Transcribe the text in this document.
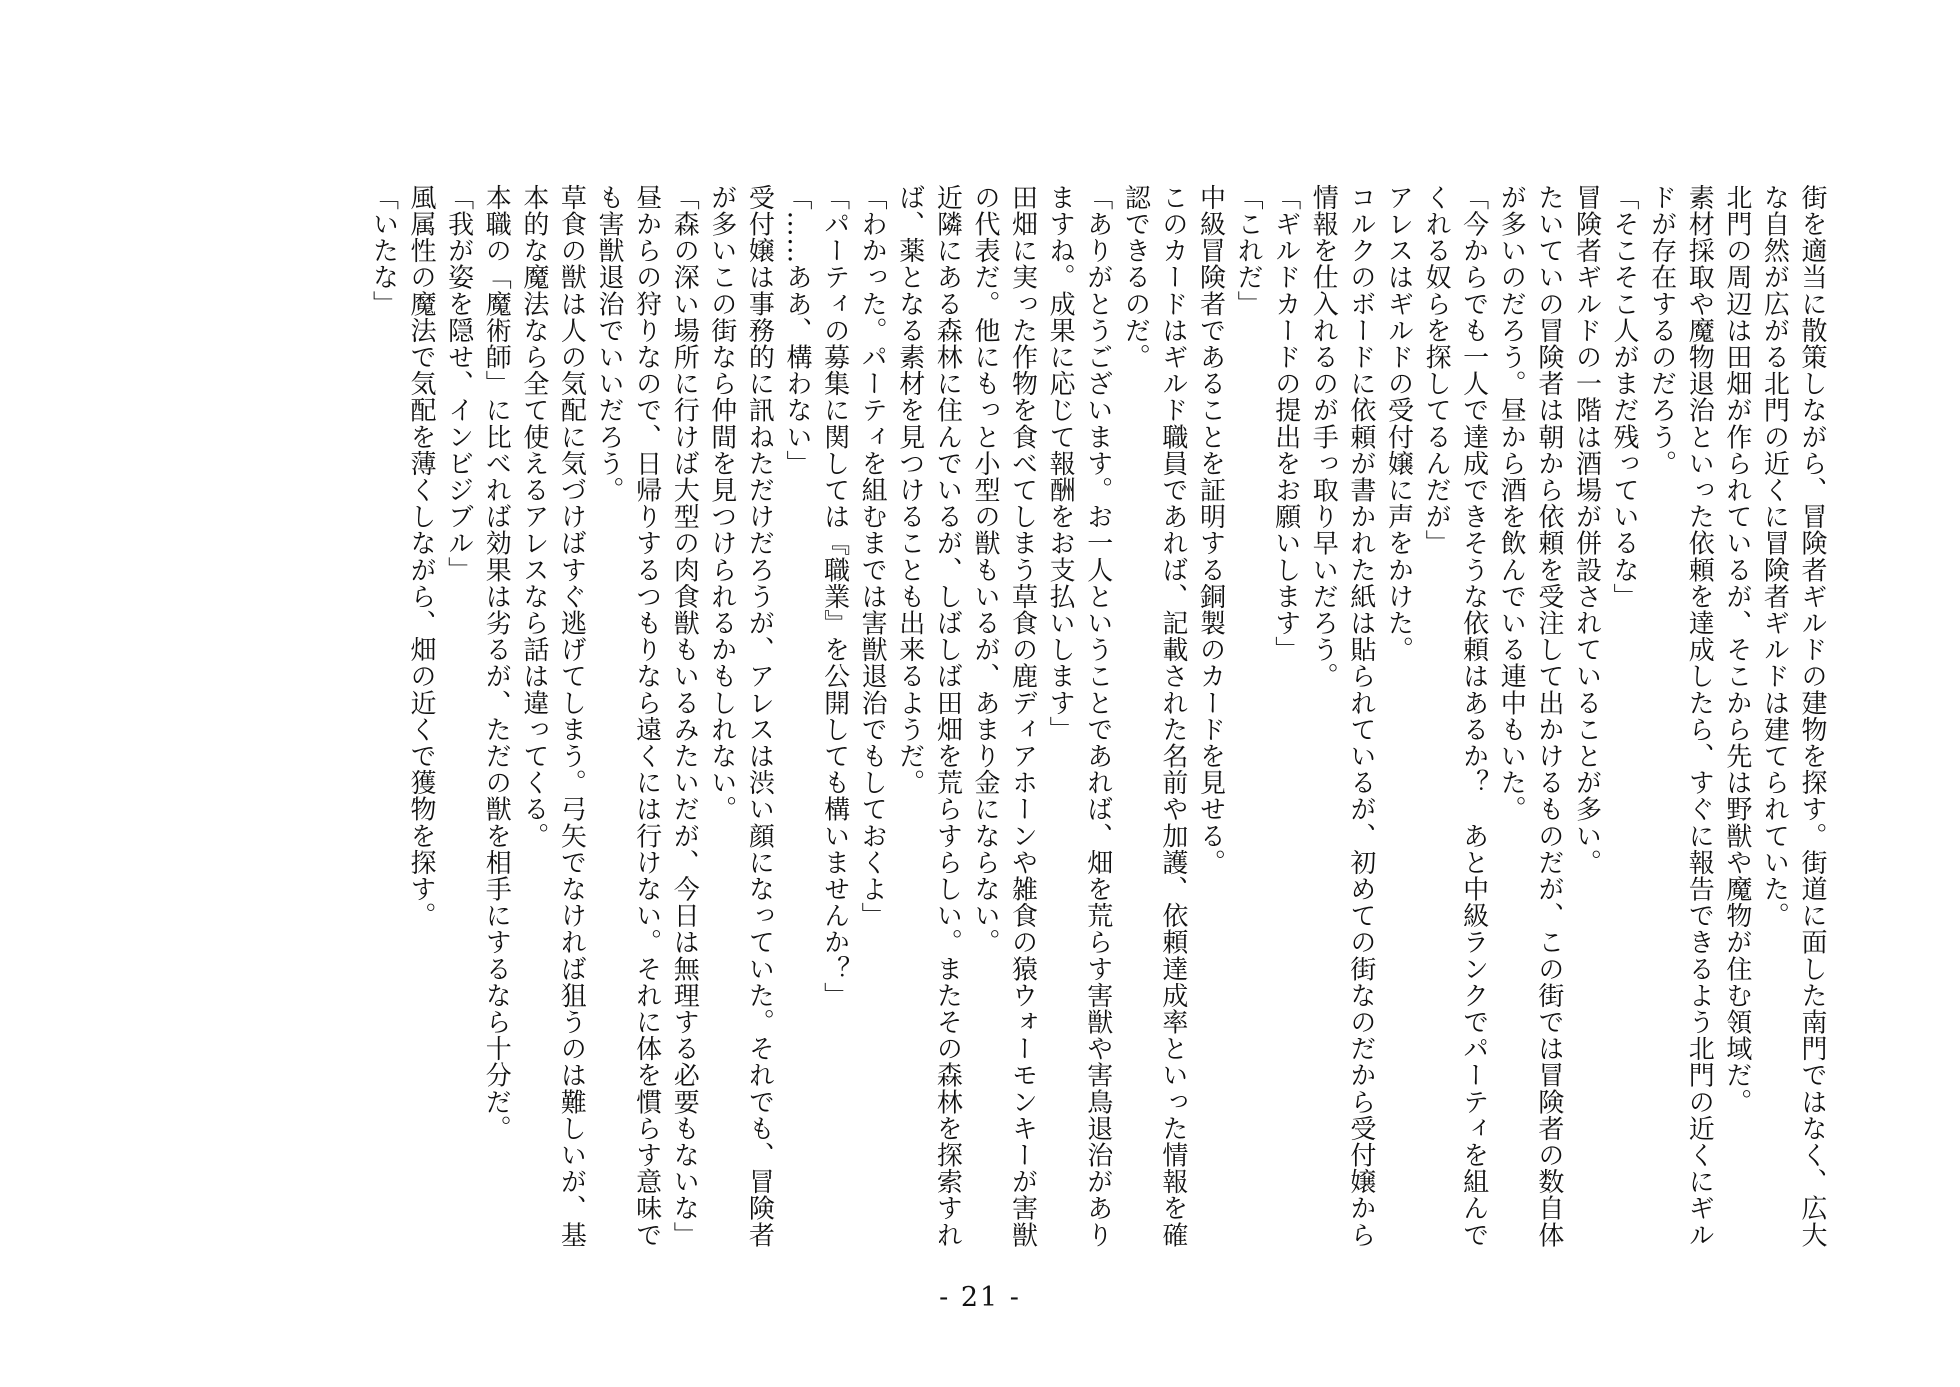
街を適当に散策しながら、冒険者ギルドの建物を探す。街道に面した南門ではなく、広大な自然が広がる北門の近くに冒険者ギルドは建てられていた。

北門の周辺は田畑が作られているが、そこから先は野獣や魔物が住む領域だ。

素材採取や魔物退治といった依頼を達成したら、すぐに報告できるよう北門の近くにギルドが存在するのだろう。

「そこそこ人がまだ残っているな」

冒険者ギルドの一階は酒場が併設されていることが多い。

たいていの冒険者は朝から依頼を受注して出かけるものだが、この街では冒険者の数自体が多いのだろう。昼から酒を飲んでいる連中もいた。

「今からでも一人で達成できそうな依頼はあるか？　あと中級ランクでパーティを組んでくれる奴らを探してるんだが」

アレスはギルドの受付嬢に声をかけた。

コルクのボードに依頼が書かれた紙は貼られているが、初めての街なのだから受付嬢から情報を仕入れるのが手っ取り早いだろう。

「ギルドカードの提出をお願いします」

「これだ」

中級冒険者であることを証明する銅製のカードを見せる。

このカードはギルド職員であれば、記載された名前や加護、依頼達成率といった情報を確認できるのだ。

「ありがとうございます。お一人ということであれば、畑を荒らす害獣や害鳥退治がありますね。成果に応じて報酬をお支払いします」

田畑に実った作物を食べてしまう草食の鹿ディアホーンや雑食の猿ウォーモンキーが害獣の代表だ。他にもっと小型の獣もいるが、あまり金にならない。

近隣にある森林に住んでいるが、しばしば田畑を荒らすらしい。またその森林を探索すれば、薬となる素材を見つけることも出来るようだ。

「わかった。パーティを組むまでは害獣退治でもしておくよ」

「パーティの募集に関しては『職業』を公開しても構いませんか？」

「……ああ、構わない」

受付嬢は事務的に訊ねただけだろうが、アレスは渋い顔になっていた。それでも、冒険者が多いこの街なら仲間を見つけられるかもしれない。

「森の深い場所に行けば大型の肉食獣もいるみたいだが、今日は無理する必要もないな」

昼からの狩りなので、日帰りするつもりなら遠くには行けない。それに体を慣らす意味でも害獣退治でいいだろう。

草食の獣は人の気配に気づけばすぐ逃げてしまう。弓矢でなければ狙うのは難しいが、基本的な魔法なら全て使えるアレスなら話は違ってくる。

本職の「魔術師」に比べれば効果は劣るが、ただの獣を相手にするなら十分だ。

「我が姿を隠せ、インビジブル」

風属性の魔法で気配を薄くしながら、畑の近くで獲物を探す。

「いたな」

- 21 -
